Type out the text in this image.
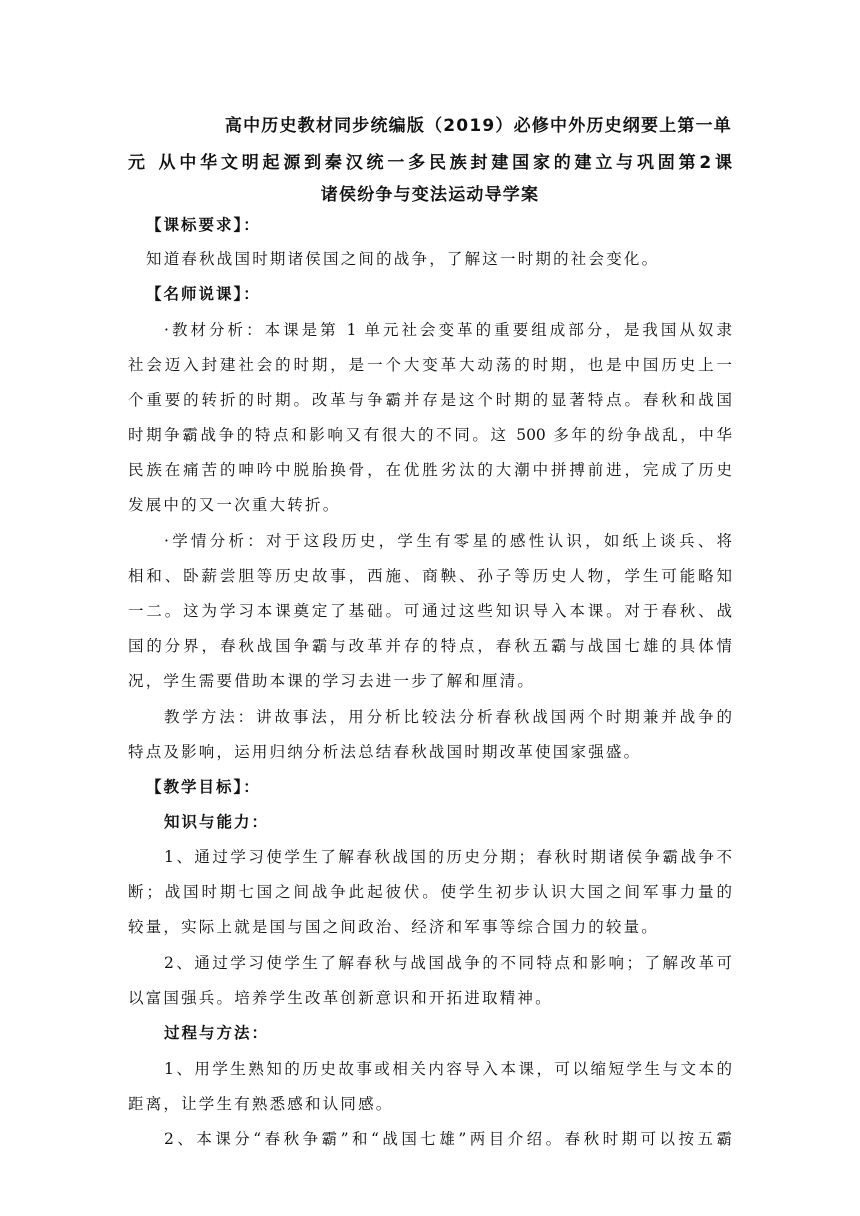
高中历史教材同步统编版（2019）必修中外历史纲要上第一单
元 从中华文明起源到秦汉统一多民族封建国家的建立与巩固第2课
诸侯纷争与变法运动导学案
【课标要求】：
知道春秋战国时期诸侯国之间的战争，了解这一时期的社会变化。
【名师说课】：
·教材分析：本课是第 1 单元社会变革的重要组成部分，是我国从奴隶
社会迈入封建社会的时期，是一个大变革大动荡的时期，也是中国历史上一
个重要的转折的时期。改革与争霸并存是这个时期的显著特点。春秋和战国
时期争霸战争的特点和影响又有很大的不同。这 500 多年的纷争战乱，中华
民族在痛苦的呻吟中脱胎换骨，在优胜劣汰的大潮中拼搏前进，完成了历史
发展中的又一次重大转折。
·学情分析：对于这段历史，学生有零星的感性认识，如纸上谈兵、将
相和、卧薪尝胆等历史故事，西施、商鞅、孙子等历史人物，学生可能略知
一二。这为学习本课奠定了基础。可通过这些知识导入本课。对于春秋、战
国的分界，春秋战国争霸与改革并存的特点，春秋五霸与战国七雄的具体情
况，学生需要借助本课的学习去进一步了解和厘清。
教学方法：讲故事法，用分析比较法分析春秋战国两个时期兼并战争的
特点及影响，运用归纳分析法总结春秋战国时期改革使国家强盛。
【教学目标】：
知识与能力：
1、通过学习使学生了解春秋战国的历史分期；春秋时期诸侯争霸战争不
断；战国时期七国之间战争此起彼伏。使学生初步认识大国之间军事力量的
较量，实际上就是国与国之间政治、经济和军事等综合国力的较量。
2、通过学习使学生了解春秋与战国战争的不同特点和影响；了解改革可
以富国强兵。培养学生改革创新意识和开拓进取精神。
过程与方法：
1、用学生熟知的历史故事或相关内容导入本课，可以缩短学生与文本的
距离，让学生有熟悉感和认同感。
2、本课分“春秋争霸”和“战国七雄”两目介绍。春秋时期可以按五霸
